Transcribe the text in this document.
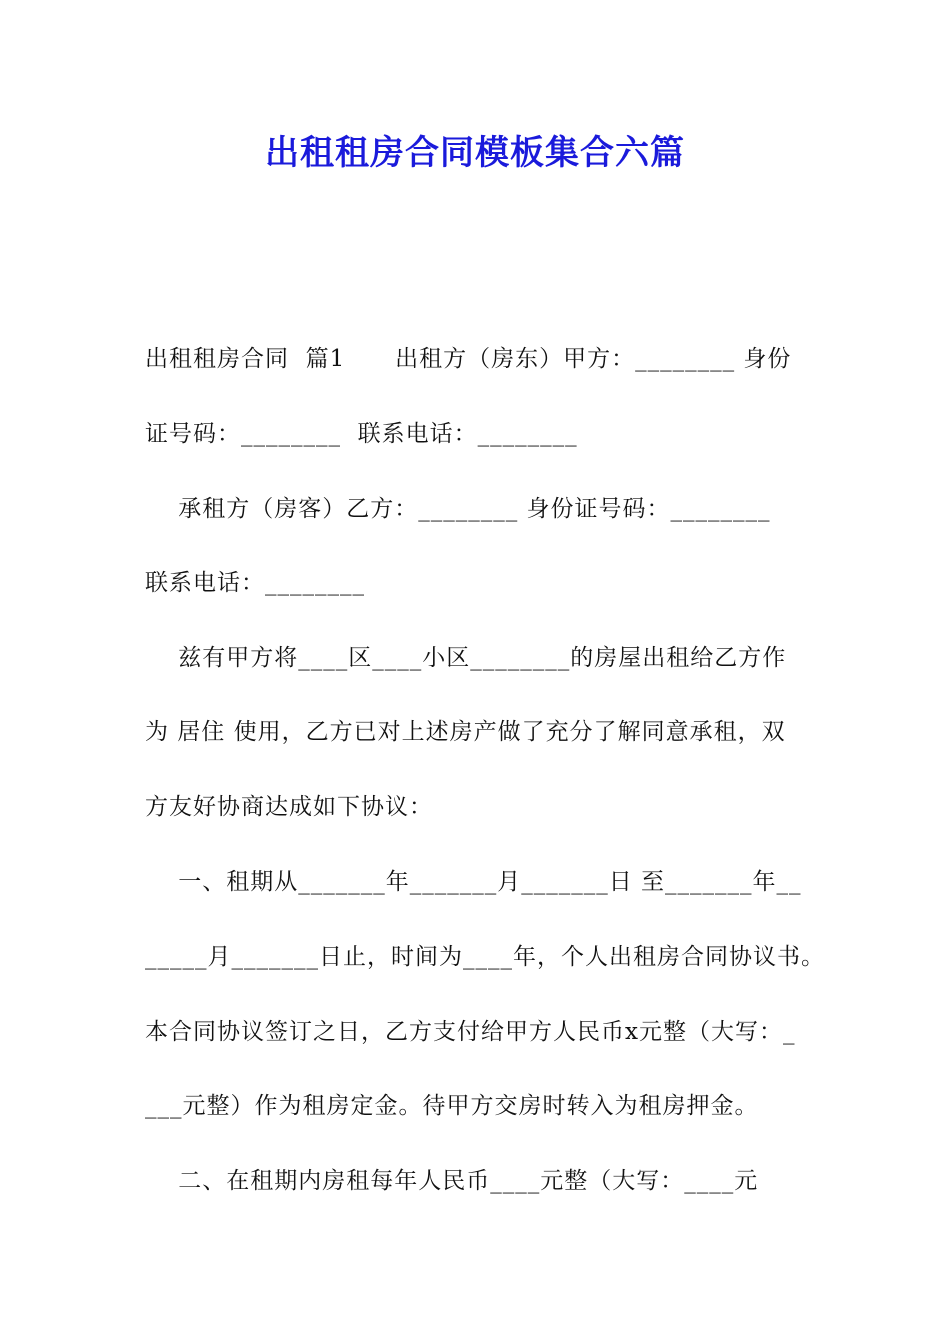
出租租房合同模板集合六篇
出租租房合同  篇1      出租方（房东）甲方：________ 身份
证号码：________  联系电话：________
承租方（房客）乙方：________ 身份证号码：________
联系电话：________
兹有甲方将____区____小区________的房屋出租给乙方作
为 居住 使用，乙方已对上述房产做了充分了解同意承租，双
方友好协商达成如下协议：
一、租期从_______年_______月_______日 至_______年__
_____月_______日止，时间为____年，个人出租房合同协议书。
本合同协议签订之日，乙方支付给甲方人民币x元整（大写：_
___元整）作为租房定金。待甲方交房时转入为租房押金。
二、在租期内房租每年人民币____元整（大写：____元
